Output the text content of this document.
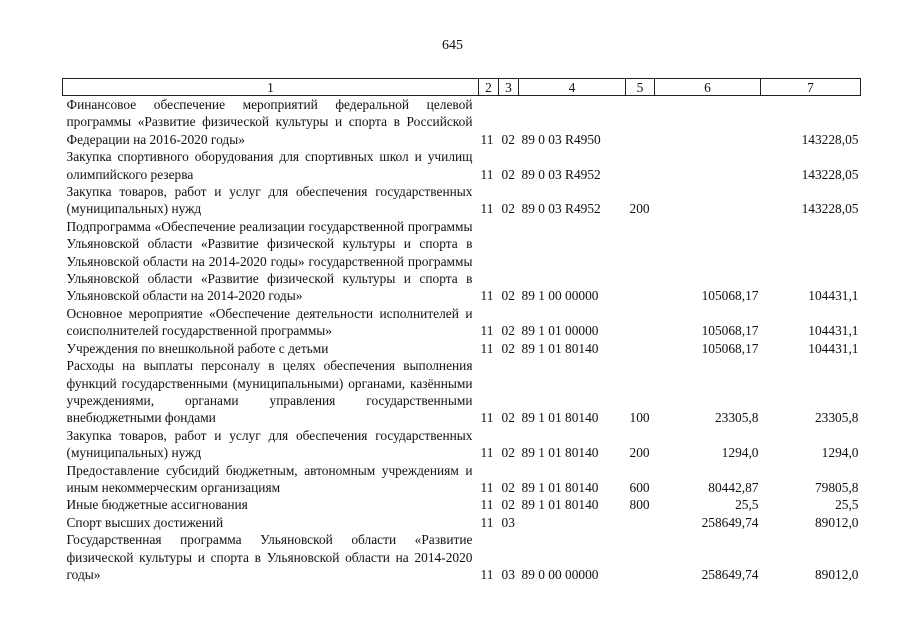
645
1	2	3	4	5	6	7
Финансовое обеспечение мероприятий федеральной целевой программы «Развитие физической культуры и спорта в Российской Федерации на 2016-2020 годы»	11	02	89 0 03 R4950			143228,05
Закупка спортивного оборудования для спортивных школ и училищ олимпийского резерва	11	02	89 0 03 R4952			143228,05
Закупка товаров, работ и услуг для обеспечения государственных (муниципальных) нужд	11	02	89 0 03 R4952	200		143228,05
Подпрограмма «Обеспечение реализации государственной программы Ульяновской области «Развитие физической культуры и спорта в Ульяновской области на 2014-2020 годы» государственной программы Ульяновской области «Развитие физической культуры и спорта в Ульяновской области на 2014-2020 годы»	11	02	89 1 00 00000		105068,17	104431,1
Основное мероприятие «Обеспечение деятельности исполнителей и соисполнителей государственной программы»	11	02	89 1 01 00000		105068,17	104431,1
Учреждения по внешкольной работе с детьми	11	02	89 1 01 80140		105068,17	104431,1
Расходы на выплаты персоналу в целях обеспечения выполнения функций государственными (муниципальными) органами, казёнными учреждениями, органами управления государственными внебюджетными фондами	11	02	89 1 01 80140	100	23305,8	23305,8
Закупка товаров, работ и услуг для обеспечения государственных (муниципальных) нужд	11	02	89 1 01 80140	200	1294,0	1294,0
Предоставление субсидий бюджетным, автономным учреждениям и иным некоммерческим организациям	11	02	89 1 01 80140	600	80442,87	79805,8
Иные бюджетные ассигнования	11	02	89 1 01 80140	800	25,5	25,5
Спорт высших достижений	11	03			258649,74	89012,0
Государственная программа Ульяновской области «Развитие физической культуры и спорта в Ульяновской области на 2014-2020 годы»	11	03	89 0 00 00000		258649,74	89012,0
